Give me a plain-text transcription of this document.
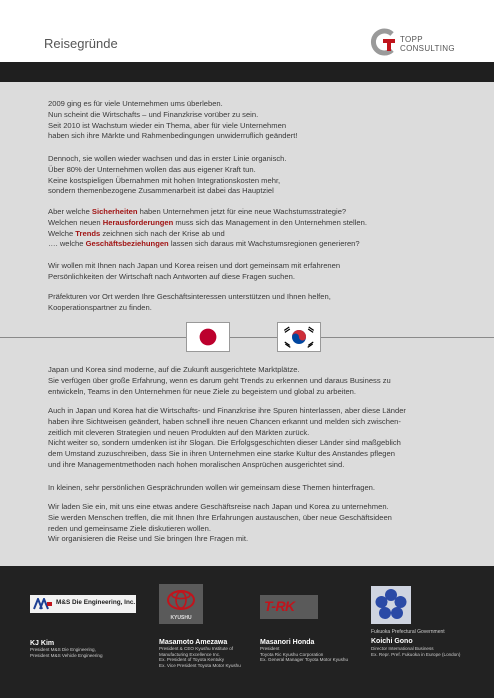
Reisegründe	TOPP
CONSULTING

2009 ging es für viele Unternehmen ums überleben.

Nun scheint die Wirtschafts – und Finanzkrise vorüber zu sein.

Seit 2010 ist Wachstum wieder ein Thema, aber für viele Unternehmen

haben sich ihre Märkte und Rahmenbedingungen unwiderruflich geändert!

Dennoch, sie wollen wieder wachsen und das in erster Linie organisch.

Über 80% der Unternehmen wollen das aus eigener Kraft tun.

Keine kostspieligen Übernahmen mit hohen Integrationskosten mehr,

sondern themenbezogene Zusammenarbeit ist dabei das Hauptziel

Aber welche Sicherheiten haben Unternehmen jetzt für eine neue Wachstumsstrategie?

Welchen neuen Herausforderungen muss sich das Management in den Unternehmen stellen.

Welche Trends zeichnen sich nach der Krise ab und

…. welche Geschäftsbeziehungen lassen sich daraus mit Wachstumsregionen generieren?

Wir wollen mit Ihnen nach Japan und Korea reisen und dort gemeinsam mit erfahrenen

Persönlichkeiten der Wirtschaft nach Antworten auf diese Fragen suchen.

Präfekturen vor Ort werden Ihre Geschäftsinteressen unterstützen und Ihnen helfen,

Kooperationspartner zu finden.

Japan und Korea sind moderne, auf die Zukunft ausgerichtete Marktplätze.

Sie verfügen über große Erfahrung, wenn es darum geht Trends zu erkennen und daraus Business zu

entwickeln, Teams in den Unternehmen für neue Ziele zu begeistern und global zu arbeiten.

Auch in Japan und Korea hat die Wirtschafts- und Finanzkrise ihre Spuren hinterlassen, aber diese Länder

haben ihre Sichtweisen geändert, haben schnell ihre neuen Chancen erkannt und melden sich zwischen-

zeitlich mit cleveren Strategien und neuen Produkten auf den Märkten zurück.

Nicht weiter so, sondern umdenken ist ihr Slogan. Die Erfolgsgeschichten dieser Länder sind maßgeblich

dem Umstand zuzuschreiben, dass Sie in ihren Unternehmen eine starke Kultur des Anstandes pflegen

und ihre Managementmethoden nach hohen moralischen Ansprüchen ausgerichtet sind.

In kleinen, sehr persönlichen Gesprächrunden wollen wir gemeinsam diese Themen hinterfragen.

Wir laden Sie ein, mit uns eine etwas andere Geschäftsreise nach Japan und Korea zu unternehmen.

Sie werden Menschen treffen, die mit Ihnen Ihre Erfahrungen austauschen, über neue Geschäftsideen

reden und gemeinsame Ziele diskutieren wollen.

Wir organisieren die Reise und Sie bringen Ihre Fragen mit.

M&S Die Engineering, Inc.
KJ Kim
President M&S Die Engineering,
President M&S Vehicle Engineering
KYUSHU
Masamoto Amezawa
President & CEO Kyushu Institute of
Manufacturing Excellence Inc.
Ex. President of Toyota Kentuky
Ex. Vice President Toyota Motor Kyushu
T-RK
Masanori Honda
President
Toyota Ric Kyushu Corporation
Ex. General Manager Toyota Motor Kyushu
Fukuoka Prefectural Government
Koichi Gono
Director International Business
Ex. Repr. Pref. Fukuoka in Europe (London)
